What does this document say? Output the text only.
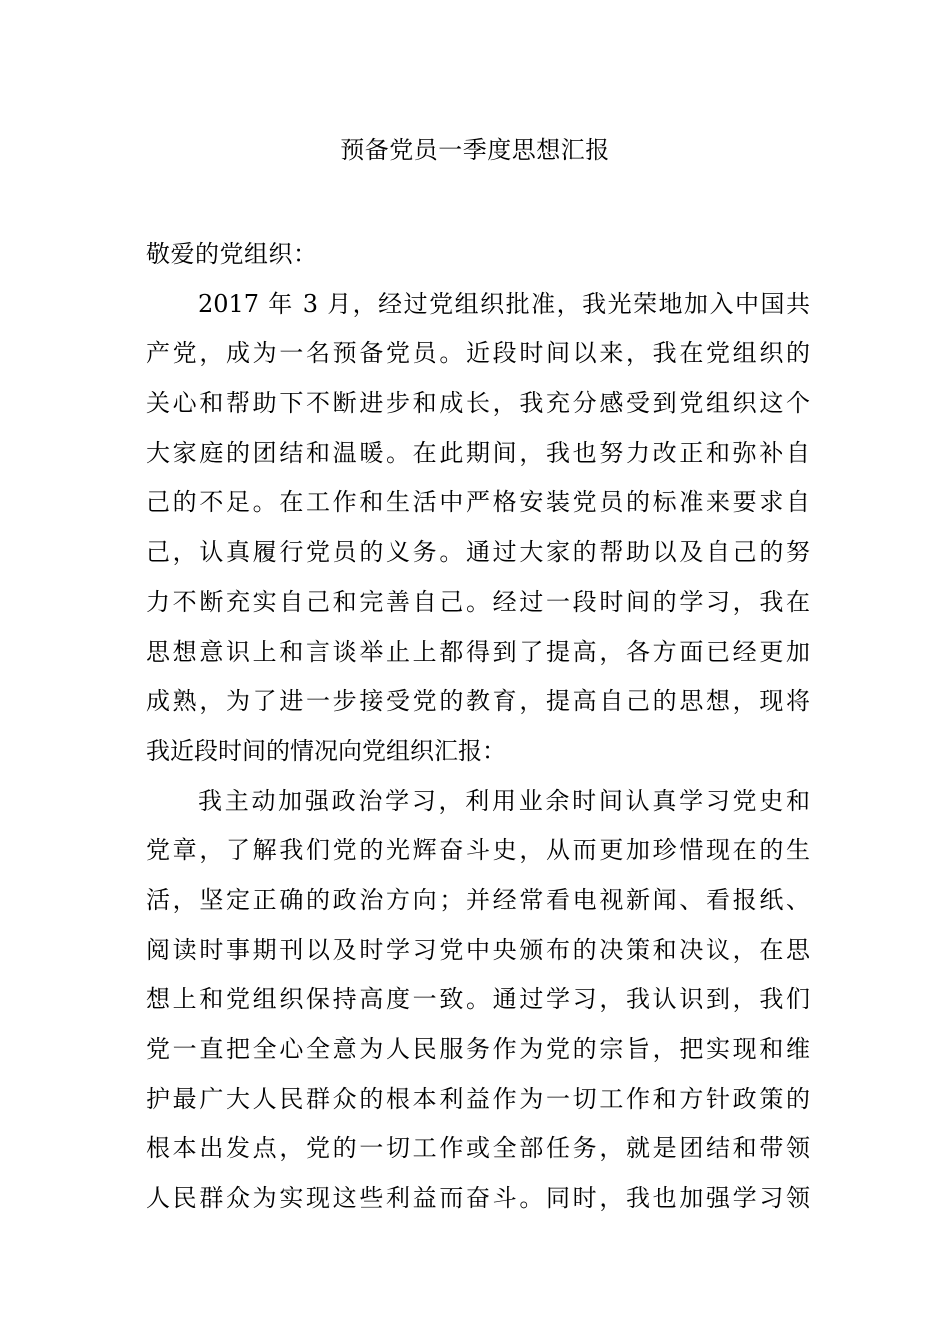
预备党员一季度思想汇报
敬爱的党组织：
2017 年 3 月，经过党组织批准，我光荣地加入中国共
产党，成为一名预备党员。近段时间以来，我在党组织的
关心和帮助下不断进步和成长，我充分感受到党组织这个
大家庭的团结和温暖。在此期间，我也努力改正和弥补自
己的不足。在工作和生活中严格安装党员的标准来要求自
己，认真履行党员的义务。通过大家的帮助以及自己的努
力不断充实自己和完善自己。经过一段时间的学习，我在
思想意识上和言谈举止上都得到了提高，各方面已经更加
成熟，为了进一步接受党的教育，提高自己的思想，现将
我近段时间的情况向党组织汇报：
我主动加强政治学习，利用业余时间认真学习党史和
党章，了解我们党的光辉奋斗史，从而更加珍惜现在的生
活，坚定正确的政治方向；并经常看电视新闻、看报纸、
阅读时事期刊以及时学习党中央颁布的决策和决议，在思
想上和党组织保持高度一致。通过学习，我认识到，我们
党一直把全心全意为人民服务作为党的宗旨，把实现和维
护最广大人民群众的根本利益作为一切工作和方针政策的
根本出发点，党的一切工作或全部任务，就是团结和带领
人民群众为实现这些利益而奋斗。同时，我也加强学习领
